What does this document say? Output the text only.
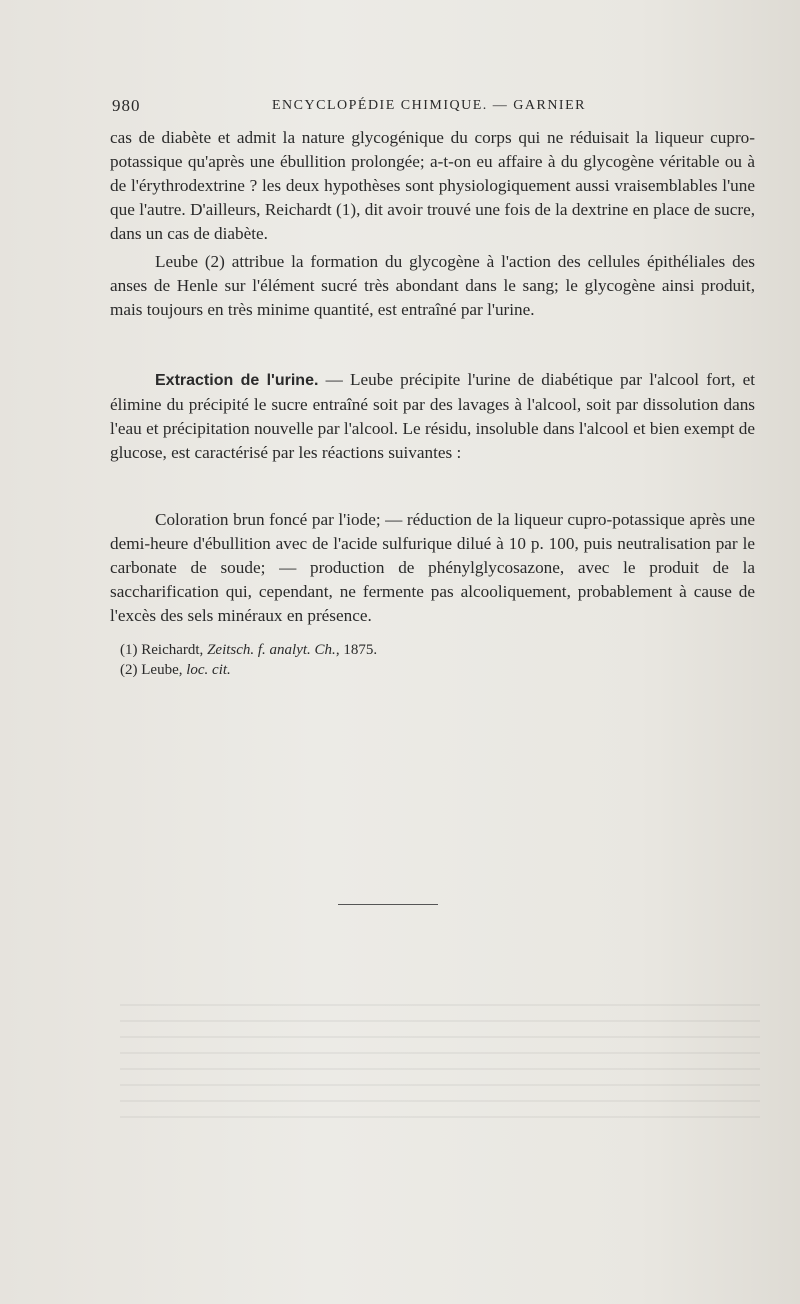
980	ENCYCLOPÉDIE CHIMIQUE. — GARNIER
cas de diabète et admit la nature glycogénique du corps qui ne réduisait la liqueur cupro-potassique qu'après une ébullition prolongée; a-t-on eu affaire à du glycogène véritable ou à de l'érythrodextrine ? les deux hypothèses sont physiologiquement aussi vraisemblables l'une que l'autre. D'ailleurs, Reichardt (1), dit avoir trouvé une fois de la dextrine en place de sucre, dans un cas de diabète.
Leube (2) attribue la formation du glycogène à l'action des cellules épithéliales des anses de Henle sur l'élément sucré très abondant dans le sang; le glycogène ainsi produit, mais toujours en très minime quantité, est entraîné par l'urine.
Extraction de l'urine. — Leube précipite l'urine de diabétique par l'alcool fort, et élimine du précipité le sucre entraîné soit par des lavages à l'alcool, soit par dissolution dans l'eau et précipitation nouvelle par l'alcool. Le résidu, insoluble dans l'alcool et bien exempt de glucose, est caractérisé par les réactions suivantes :
Coloration brun foncé par l'iode; — réduction de la liqueur cupro-potassique après une demi-heure d'ébullition avec de l'acide sulfurique dilué à 10 p. 100, puis neutralisation par le carbonate de soude; — production de phénylglycosazone, avec le produit de la saccharification qui, cependant, ne fermente pas alcooliquement, probablement à cause de l'excès des sels minéraux en présence.
(1) Reichardt, Zeitsch. f. analyt. Ch., 1875.
(2) Leube, loc. cit.
